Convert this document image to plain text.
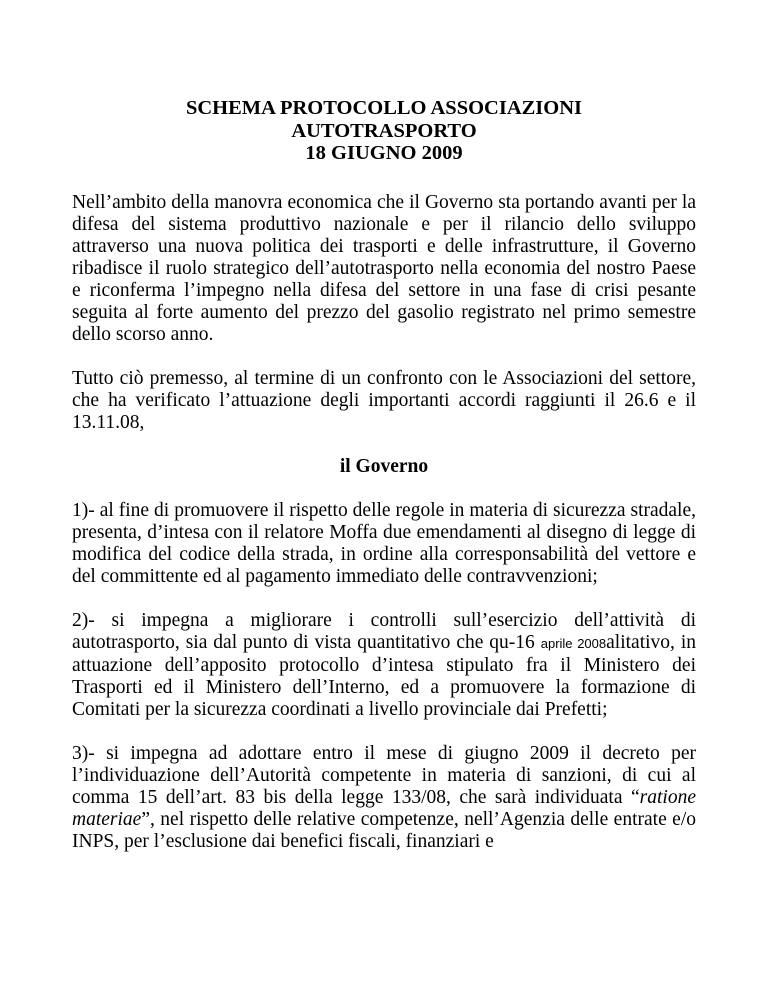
SCHEMA PROTOCOLLO ASSOCIAZIONI
AUTOTRASPORTO
18 GIUGNO 2009

Nell’ambito della manovra economica che il Governo sta portando avanti per la difesa del sistema produttivo nazionale e per il rilancio dello sviluppo attraverso una nuova politica dei trasporti e delle infrastrutture, il Governo ribadisce il ruolo strategico dell’autotrasporto nella economia del nostro Paese e riconferma l’impegno nella difesa del settore in una fase di crisi pesante seguita al forte aumento del prezzo del gasolio registrato nel primo semestre dello scorso anno.

Tutto ciò premesso, al termine di un confronto con le Associazioni del settore, che ha verificato l’attuazione degli importanti accordi raggiunti il 26.6 e il 13.11.08,

il Governo

1)- al fine di promuovere il rispetto delle regole in materia di sicurezza stradale, presenta, d’intesa con il relatore Moffa due emendamenti al disegno di legge di modifica del codice della strada, in ordine alla corresponsabilità del vettore e del committente ed al pagamento immediato delle contravvenzioni;

2)- si impegna a migliorare i controlli sull’esercizio dell’attività di autotrasporto, sia dal punto di vista quantitativo che qu-16 aprile 2008alitativo, in attuazione dell’apposito protocollo d’intesa stipulato fra il Ministero dei Trasporti ed il Ministero dell’Interno, ed a promuovere la formazione di Comitati per la sicurezza coordinati a livello provinciale dai Prefetti;

3)- si impegna ad adottare entro il mese di giugno 2009 il decreto per l’individuazione dell’Autorità competente in materia di sanzioni, di cui al comma 15 dell’art. 83 bis della legge 133/08, che sarà individuata “ratione materiae”, nel rispetto delle relative competenze, nell’Agenzia delle entrate e/o INPS, per l’esclusione dai benefici fiscali, finanziari e
